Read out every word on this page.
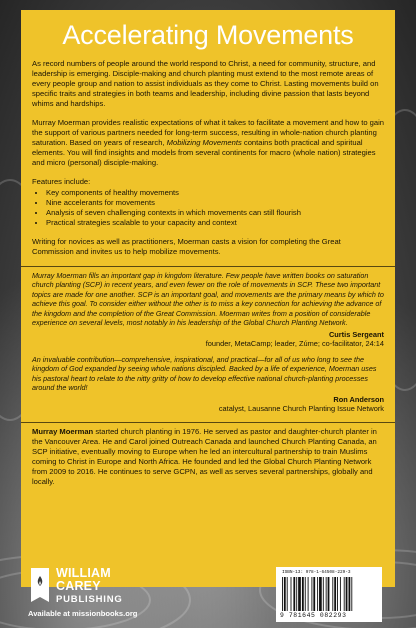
Accelerating Movements

As record numbers of people around the world respond to Christ, a need for community, structure, and leadership is emerging. Disciple-making and church planting must extend to the most remote areas of every people group and nation to assist individuals as they come to Christ. Lasting movements build on specific traits and strategies in both teams and leadership, including divine passion that lasts beyond whims and hardships.

Murray Moerman provides realistic expectations of what it takes to facilitate a movement and how to gain the support of various partners needed for long-term success, resulting in whole-nation church planting saturation. Based on years of research, Mobilizing Movements contains both practical and spiritual elements. You will find insights and models from several continents for macro (whole nation) strategies and micro (personal) disciple-making.

Features include:
• Key components of healthy movements
• Nine accelerants for movements
• Analysis of seven challenging contexts in which movements can still flourish
• Practical strategies scalable to your capacity and context

Writing for novices as well as practitioners, Moerman casts a vision for completing the Great Commission and invites us to help mobilize movements.

Murray Moerman fills an important gap in kingdom literature. Few people have written books on saturation church planting (SCP) in recent years, and even fewer on the role of movements in SCP. These two important topics are made for one another. SCP is an important goal, and movements are the primary means by which to achieve this goal. To consider either without the other is to miss a key connection for achieving the advance of the kingdom and the completion of the Great Commission. Moerman writes from a position of considerable experience on several levels, most notably in his leadership of the Global Church Planting Network.

Curtis Sergeant
founder, MetaCamp; leader, Zúme; co-facilitator, 24:14

An invaluable contribution—comprehensive, inspirational, and practical—for all of us who long to see the kingdom of God expanded by seeing whole nations discipled. Backed by a life of experience, Moerman uses his pastoral heart to relate to the nitty gritty of how to develop effective national church-planting processes around the world!

Ron Anderson
catalyst, Lausanne Church Planting Issue Network

Murray Moerman started church planting in 1976. He served as pastor and daughter-church planter in the Vancouver Area. He and Carol joined Outreach Canada and launched Church Planting Canada, an SCP initiative, eventually moving to Europe when he led an intercultural partnership to train Muslims coming to Christ in Europe and North Africa. He founded and led the Global Church Planting Network from 2009 to 2016. He continues to serve GCPN, as well as serves several partnerships, globally and locally.

WILLIAM
CAREY
PUBLISHING
Available at missionbooks.org
ISBN-13: 978-1-64508-229-3
9 781645 082293
